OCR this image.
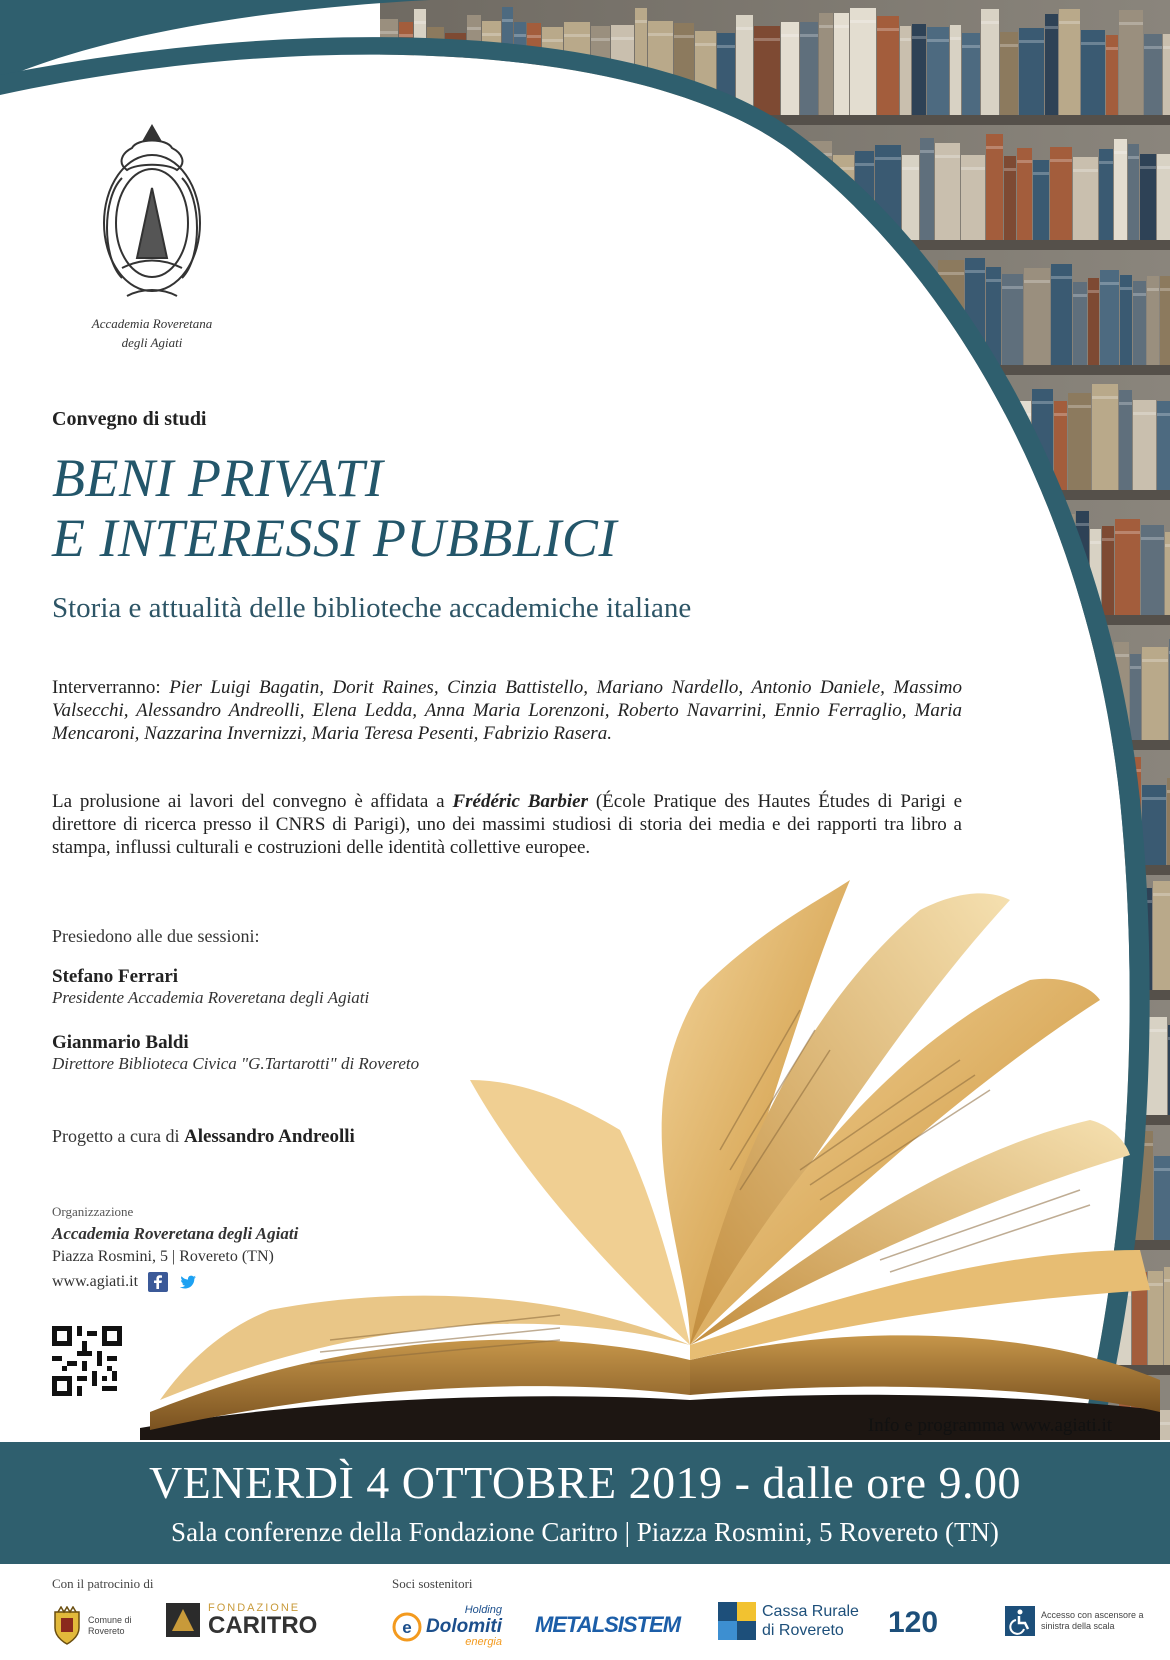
Accademia Roveretana
degli Agiati
Convegno di studi
BENI PRIVATI
E INTERESSI PUBBLICI
Storia e attualità delle biblioteche accademiche italiane
Interverranno: Pier Luigi Bagatin, Dorit Raines, Cinzia Battistello, Mariano Nardello, Antonio Daniele, Massimo Valsecchi, Alessandro Andreolli, Elena Ledda, Anna Maria Lorenzoni, Roberto Navarrini, Ennio Ferraglio, Maria Mencaroni, Nazzarina Invernizzi, Maria Teresa Pesenti, Fabrizio Rasera.
La prolusione ai lavori del convegno è affidata a Frédéric Barbier (École Pratique des Hautes Études di Parigi e direttore di ricerca presso il CNRS di Parigi), uno dei massimi studiosi di storia dei media e dei rapporti tra libro a stampa, influssi culturali e costruzioni delle identità collettive europee.
Presiedono alle due sessioni:
Stefano Ferrari
Presidente Accademia Roveretana degli Agiati
Gianmario Baldi
Direttore Biblioteca Civica "G.Tartarotti" di Rovereto
Progetto a cura di Alessandro Andreolli
Organizzazione
Accademia Roveretana degli Agiati
Piazza Rosmini, 5 | Rovereto (TN)
www.agiati.it
Info e programma www.agiati.it
VENERDÌ 4 OTTOBRE 2019 - dalle ore 9.00
Sala conferenze della Fondazione Caritro | Piazza Rosmini, 5 Rovereto (TN)
Con il patrocinio di	Soci sostenitori
Comune di Rovereto
FONDAZIONE
CARITRO	e
Holding
Dolomiti
energia
METALSISTEM
Cassa Rurale
di Rovereto	120	Accesso con ascensore a sinistra della scala
